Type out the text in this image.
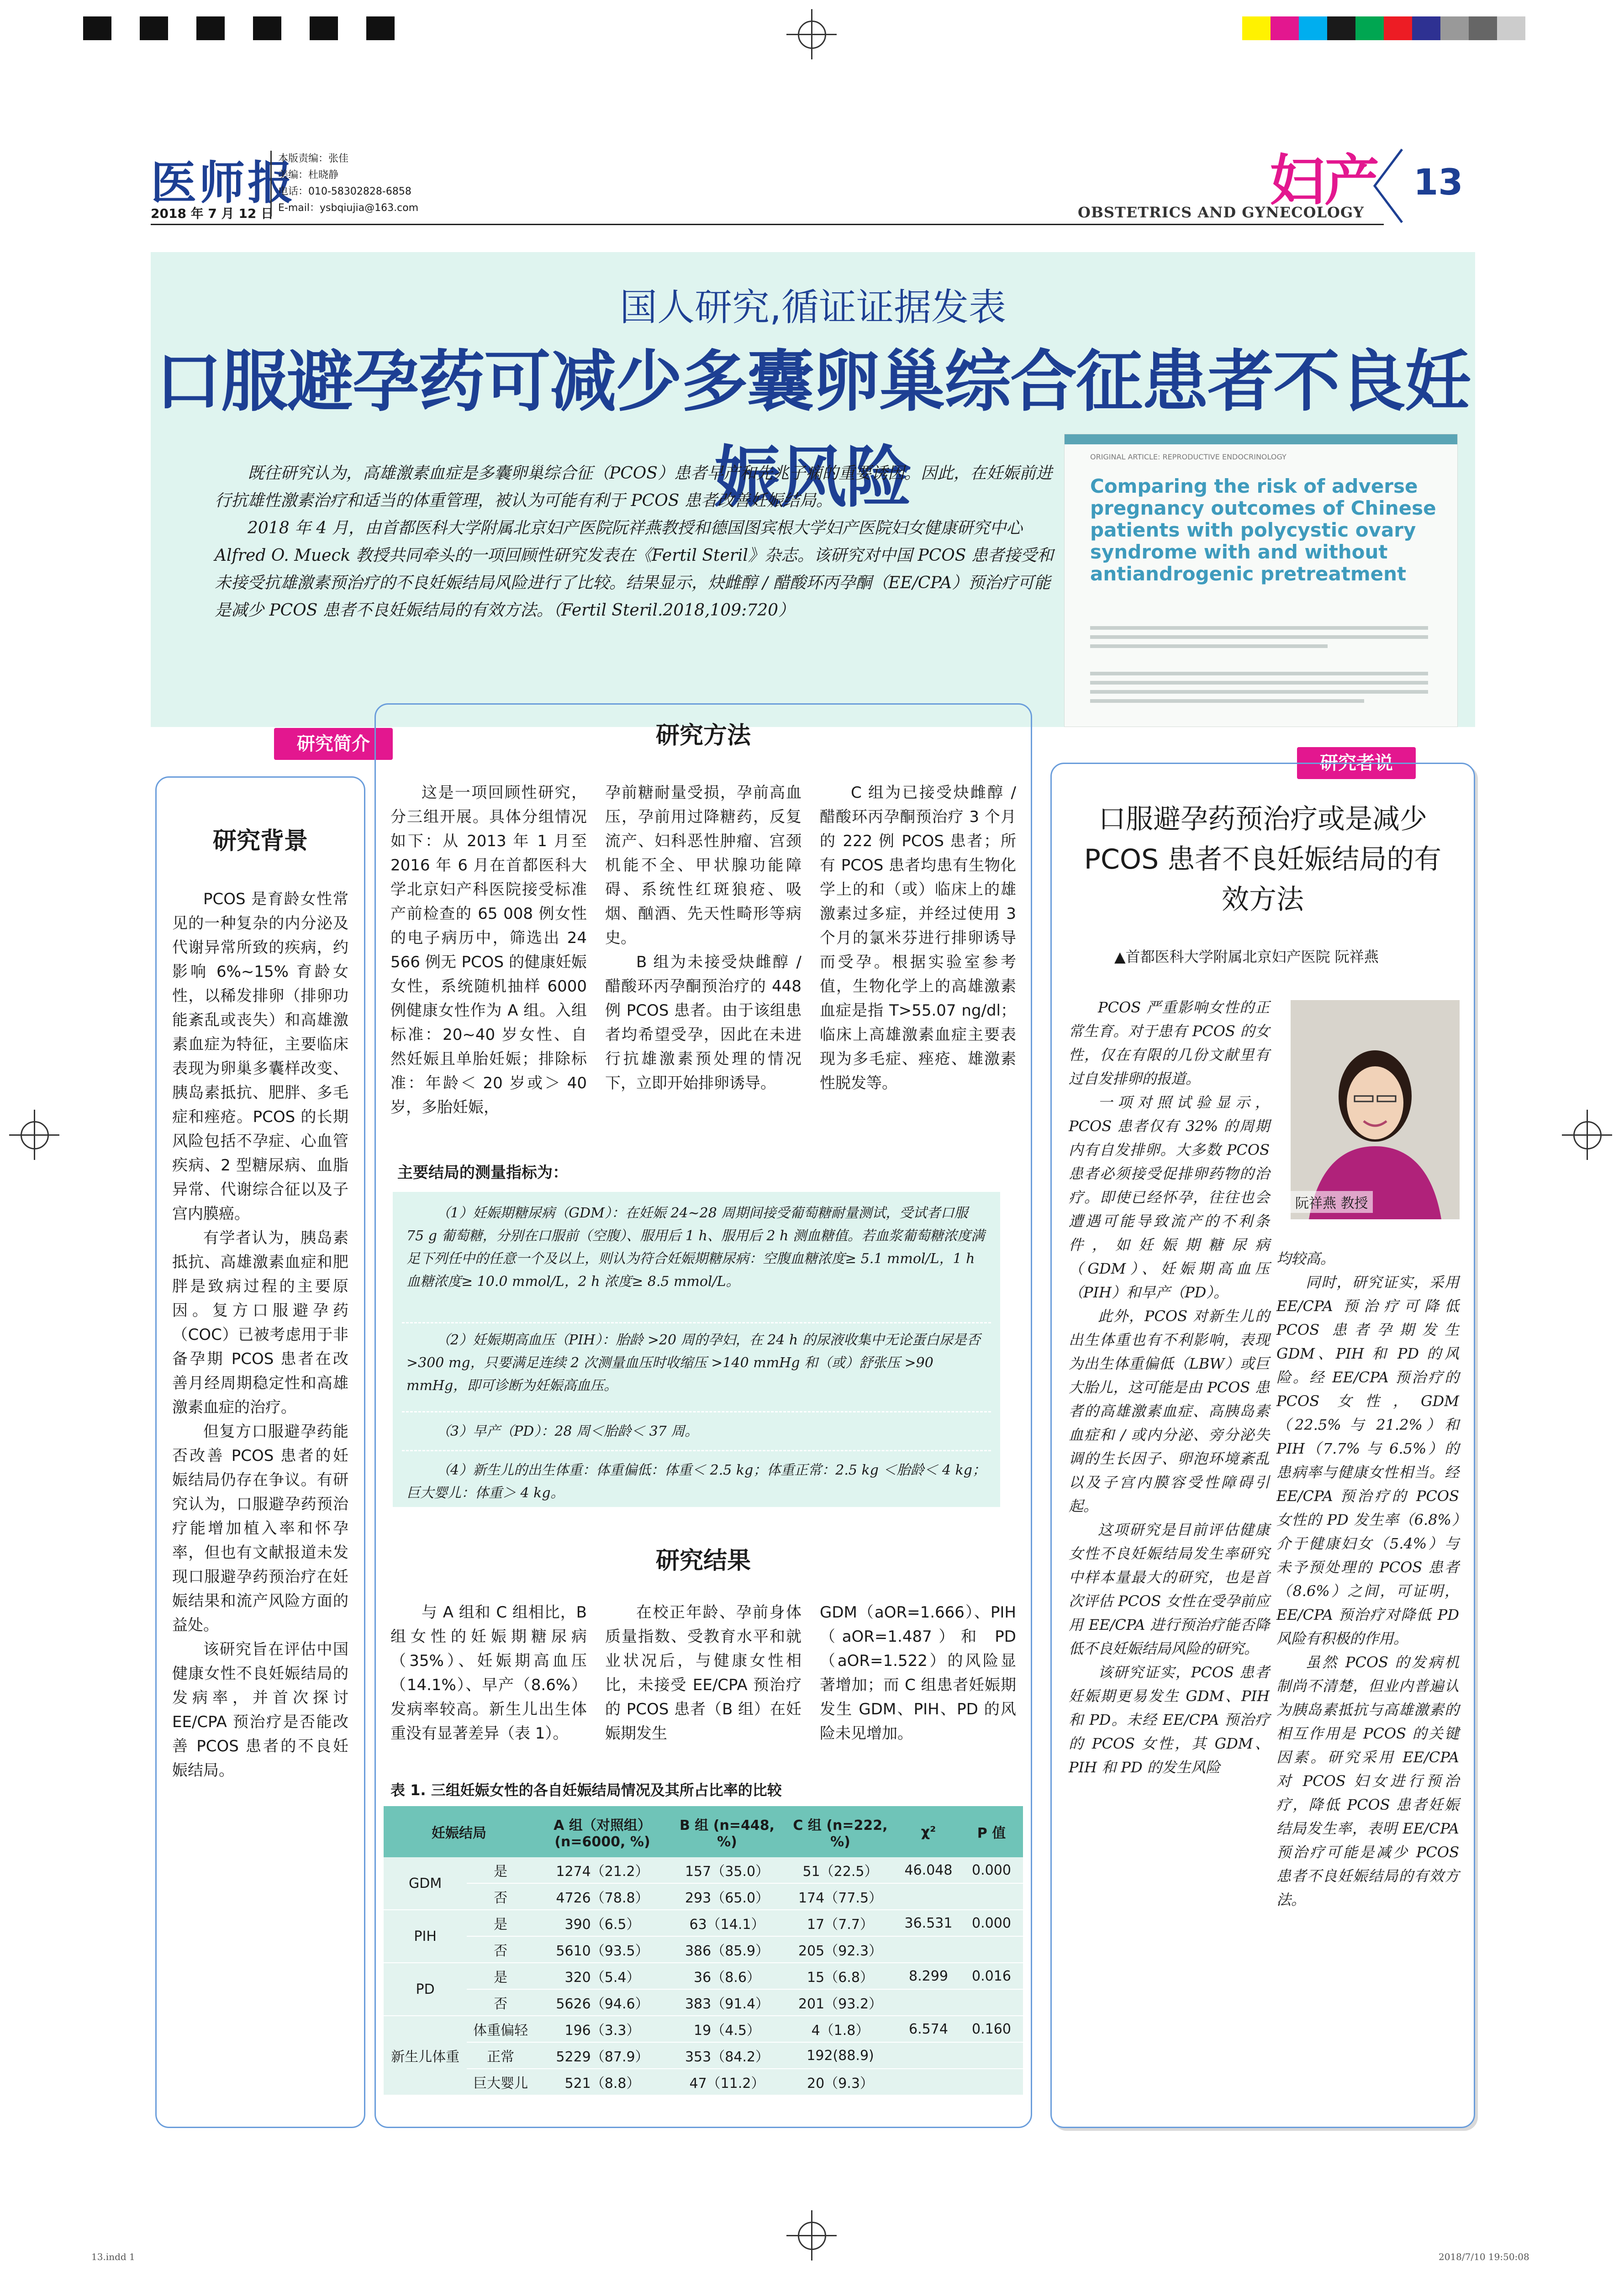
医师报
2018 年 7 月 12 日
本版责编：张佳
美编：杜晓静
电话：010-58302828-6858
E-mail：ysbqiujia@163.com	妇产
OBSTETRICS AND GYNECOLOGY
13
国人研究,循证证据发表
口服避孕药可减少多囊卵巢综合征患者不良妊娠风险

既往研究认为，高雄激素血症是多囊卵巢综合征（PCOS）患者早产和先兆子痫的重要诱因。因此，在妊娠前进行抗雄性激素治疗和适当的体重管理，被认为可能有利于 PCOS 患者改善妊娠结局。

2018 年 4 月，由首都医科大学附属北京妇产医院阮祥燕教授和德国图宾根大学妇产医院妇女健康研究中心 Alfred O. Mueck 教授共同牵头的一项回顾性研究发表在《Fertil Steril》杂志。该研究对中国 PCOS 患者接受和未接受抗雄激素预治疗的不良妊娠结局风险进行了比较。结果显示，炔雌醇 / 醋酸环丙孕酮（EE/CPA）预治疗可能是减少 PCOS 患者不良妊娠结局的有效方法。（Fertil Steril.2018,109:720）

ORIGINAL ARTICLE: REPRODUCTIVE ENDOCRINOLOGY
Comparing the risk of adverse pregnancy outcomes of Chinese patients with polycystic ovary syndrome with and without antiandrogenic pretreatment
研究简介
研究者说
研究背景

PCOS 是育龄女性常见的一种复杂的内分泌及代谢异常所致的疾病，约影响 6%~15% 育龄女性，以稀发排卵（排卵功能紊乱或丧失）和高雄激素血症为特征，主要临床表现为卵巢多囊样改变、胰岛素抵抗、肥胖、多毛症和痤疮。PCOS 的长期风险包括不孕症、心血管疾病、2 型糖尿病、血脂异常、代谢综合征以及子宫内膜癌。

有学者认为，胰岛素抵抗、高雄激素血症和肥胖是致病过程的主要原因。复方口服避孕药（COC）已被考虑用于非备孕期 PCOS 患者在改善月经周期稳定性和高雄激素血症的治疗。

但复方口服避孕药能否改善 PCOS 患者的妊娠结局仍存在争议。有研究认为，口服避孕药预治疗能增加植入率和怀孕率，但也有文献报道未发现口服避孕药预治疗在妊娠结果和流产风险方面的益处。

该研究旨在评估中国健康女性不良妊娠结局的发病率，并首次探讨 EE/CPA 预治疗是否能改善 PCOS 患者的不良妊娠结局。

研究方法

这是一项回顾性研究，分三组开展。具体分组情况如下：从 2013 年 1 月至 2016 年 6 月在首都医科大学北京妇产科医院接受标准产前检查的 65 008 例女性的电子病历中，筛选出 24 566 例无 PCOS 的健康妊娠女性，系统随机抽样 6000 例健康女性作为 A 组。入组标准：20~40 岁女性、自然妊娠且单胎妊娠；排除标准：年龄＜ 20 岁或＞ 40 岁，多胎妊娠，

孕前糖耐量受损，孕前高血压，孕前用过降糖药，反复流产、妇科恶性肿瘤、宫颈机能不全、甲状腺功能障碍、系统性红斑狼疮、吸烟、酗酒、先天性畸形等病史。

B 组为未接受炔雌醇 / 醋酸环丙孕酮预治疗的 448 例 PCOS 患者。由于该组患者均希望受孕，因此在未进行抗雄激素预处理的情况下，立即开始排卵诱导。

C 组为已接受炔雌醇 / 醋酸环丙孕酮预治疗 3 个月的 222 例 PCOS 患者；所有 PCOS 患者均患有生物化学上的和（或）临床上的雄激素过多症，并经过使用 3 个月的氯米芬进行排卵诱导而受孕。根据实验室参考值，生物化学上的高雄激素血症是指 T>55.07 ng/dl；临床上高雄激素血症主要表现为多毛症、痤疮、雄激素性脱发等。

主要结局的测量指标为：

（1）妊娠期糖尿病（GDM）：在妊娠 24~28 周期间接受葡萄糖耐量测试，受试者口服 75 g 葡萄糖，分别在口服前（空腹）、服用后 1 h、服用后 2 h 测血糖值。若血浆葡萄糖浓度满足下列任中的任意一个及以上，则认为符合妊娠期糖尿病：空腹血糖浓度≥ 5.1 mmol/L，1 h 血糖浓度≥ 10.0 mmol/L，2 h 浓度≥ 8.5 mmol/L。

（2）妊娠期高血压（PIH）：胎龄 >20 周的孕妇，在 24 h 的尿液收集中无论蛋白尿是否 >300 mg，只要满足连续 2 次测量血压时收缩压 >140 mmHg 和（或）舒张压 >90 mmHg，即可诊断为妊娠高血压。

（3）早产（PD）：28 周＜胎龄＜ 37 周。

（4）新生儿的出生体重：体重偏低：体重＜ 2.5 kg；体重正常：2.5 kg ＜胎龄＜ 4 kg；巨大婴儿：体重＞ 4 kg。

研究结果

与 A 组和 C 组相比，B 组女性的妊娠期糖尿病（35%）、妊娠期高血压（14.1%）、早产（8.6%）发病率较高。新生儿出生体重没有显著差异（表 1）。

在校正年龄、孕前身体质量指数、受教育水平和就业状况后，与健康女性相比，未接受 EE/CPA 预治疗的 PCOS 患者（B 组）在妊娠期发生

GDM（aOR=1.666）、PIH（aOR=1.487）和 PD（aOR=1.522）的风险显著增加；而 C 组患者妊娠期发生 GDM、PIH、PD 的风险未见增加。

表 1. 三组妊娠女性的各自妊娠结局情况及其所占比率的比较
妊娠结局		A 组（对照组）(n=6000, %)	B 组 (n=448, %)	C 组 (n=222, %)	χ²	P 值
GDM	是	1274（21.2）	157（35.0）	51（22.5）	46.048	0.000
	否	4726（78.8）	293（65.0）	174（77.5）		
PIH	是	390（6.5）	63（14.1）	17（7.7）	36.531	0.000
	否	5610（93.5）	386（85.9）	205（92.3）		
PD	是	320（5.4）	36（8.6）	15（6.8）	8.299	0.016
	否	5626（94.6）	383（91.4）	201（93.2）		
新生儿体重	体重偏轻	196（3.3）	19（4.5）	4（1.8）	6.574	0.160
	正常	5229（87.9）	353（84.2）	192(88.9)		
	巨大婴儿	521（8.8）	47（11.2）	20（9.3）		
口服避孕药预治疗或是减少 PCOS 患者不良妊娠结局的有效方法
▲首都医科大学附属北京妇产医院 阮祥燕
阮祥燕 教授

PCOS 严重影响女性的正常生育。对于患有 PCOS 的女性，仅在有限的几份文献里有过自发排卵的报道。

一项对照试验显示，PCOS 患者仅有 32% 的周期内有自发排卵。大多数 PCOS 患者必须接受促排卵药物的治疗。即使已经怀孕，往往也会遭遇可能导致流产的不利条件，如妊娠期糖尿病（GDM）、妊娠期高血压（PIH）和早产（PD）。

此外，PCOS 对新生儿的出生体重也有不利影响，表现为出生体重偏低（LBW）或巨大胎儿，这可能是由 PCOS 患者的高雄激素血症、高胰岛素血症和 / 或内分泌、旁分泌失调的生长因子、卵泡环境紊乱以及子宫内膜容受性障碍引起。

这项研究是目前评估健康女性不良妊娠结局发生率研究中样本量最大的研究，也是首次评估 PCOS 女性在受孕前应用 EE/CPA 进行预治疗能否降低不良妊娠结局风险的研究。

该研究证实，PCOS 患者妊娠期更易发生 GDM、PIH 和 PD。未经 EE/CPA 预治疗的 PCOS 女性，其 GDM、PIH 和 PD 的发生风险

均较高。

同时，研究证实，采用 EE/CPA 预治疗可降低 PCOS 患者孕期发生 GDM、PIH 和 PD 的风险。经 EE/CPA 预治疗的 PCOS 女性，GDM（22.5% 与 21.2%）和 PIH（7.7% 与 6.5%）的患病率与健康女性相当。经 EE/CPA 预治疗的 PCOS 女性的 PD 发生率（6.8%）介于健康妇女（5.4%）与未予预处理的 PCOS 患者（8.6%）之间，可证明，EE/CPA 预治疗对降低 PD 风险有积极的作用。

虽然 PCOS 的发病机制尚不清楚，但业内普遍认为胰岛素抵抗与高雄激素的相互作用是 PCOS 的关键因素。研究采用 EE/CPA 对 PCOS 妇女进行预治疗，降低 PCOS 患者妊娠结局发生率，表明 EE/CPA 预治疗可能是减少 PCOS 患者不良妊娠结局的有效方法。

13.indd 1	2018/7/10 19:50:08
